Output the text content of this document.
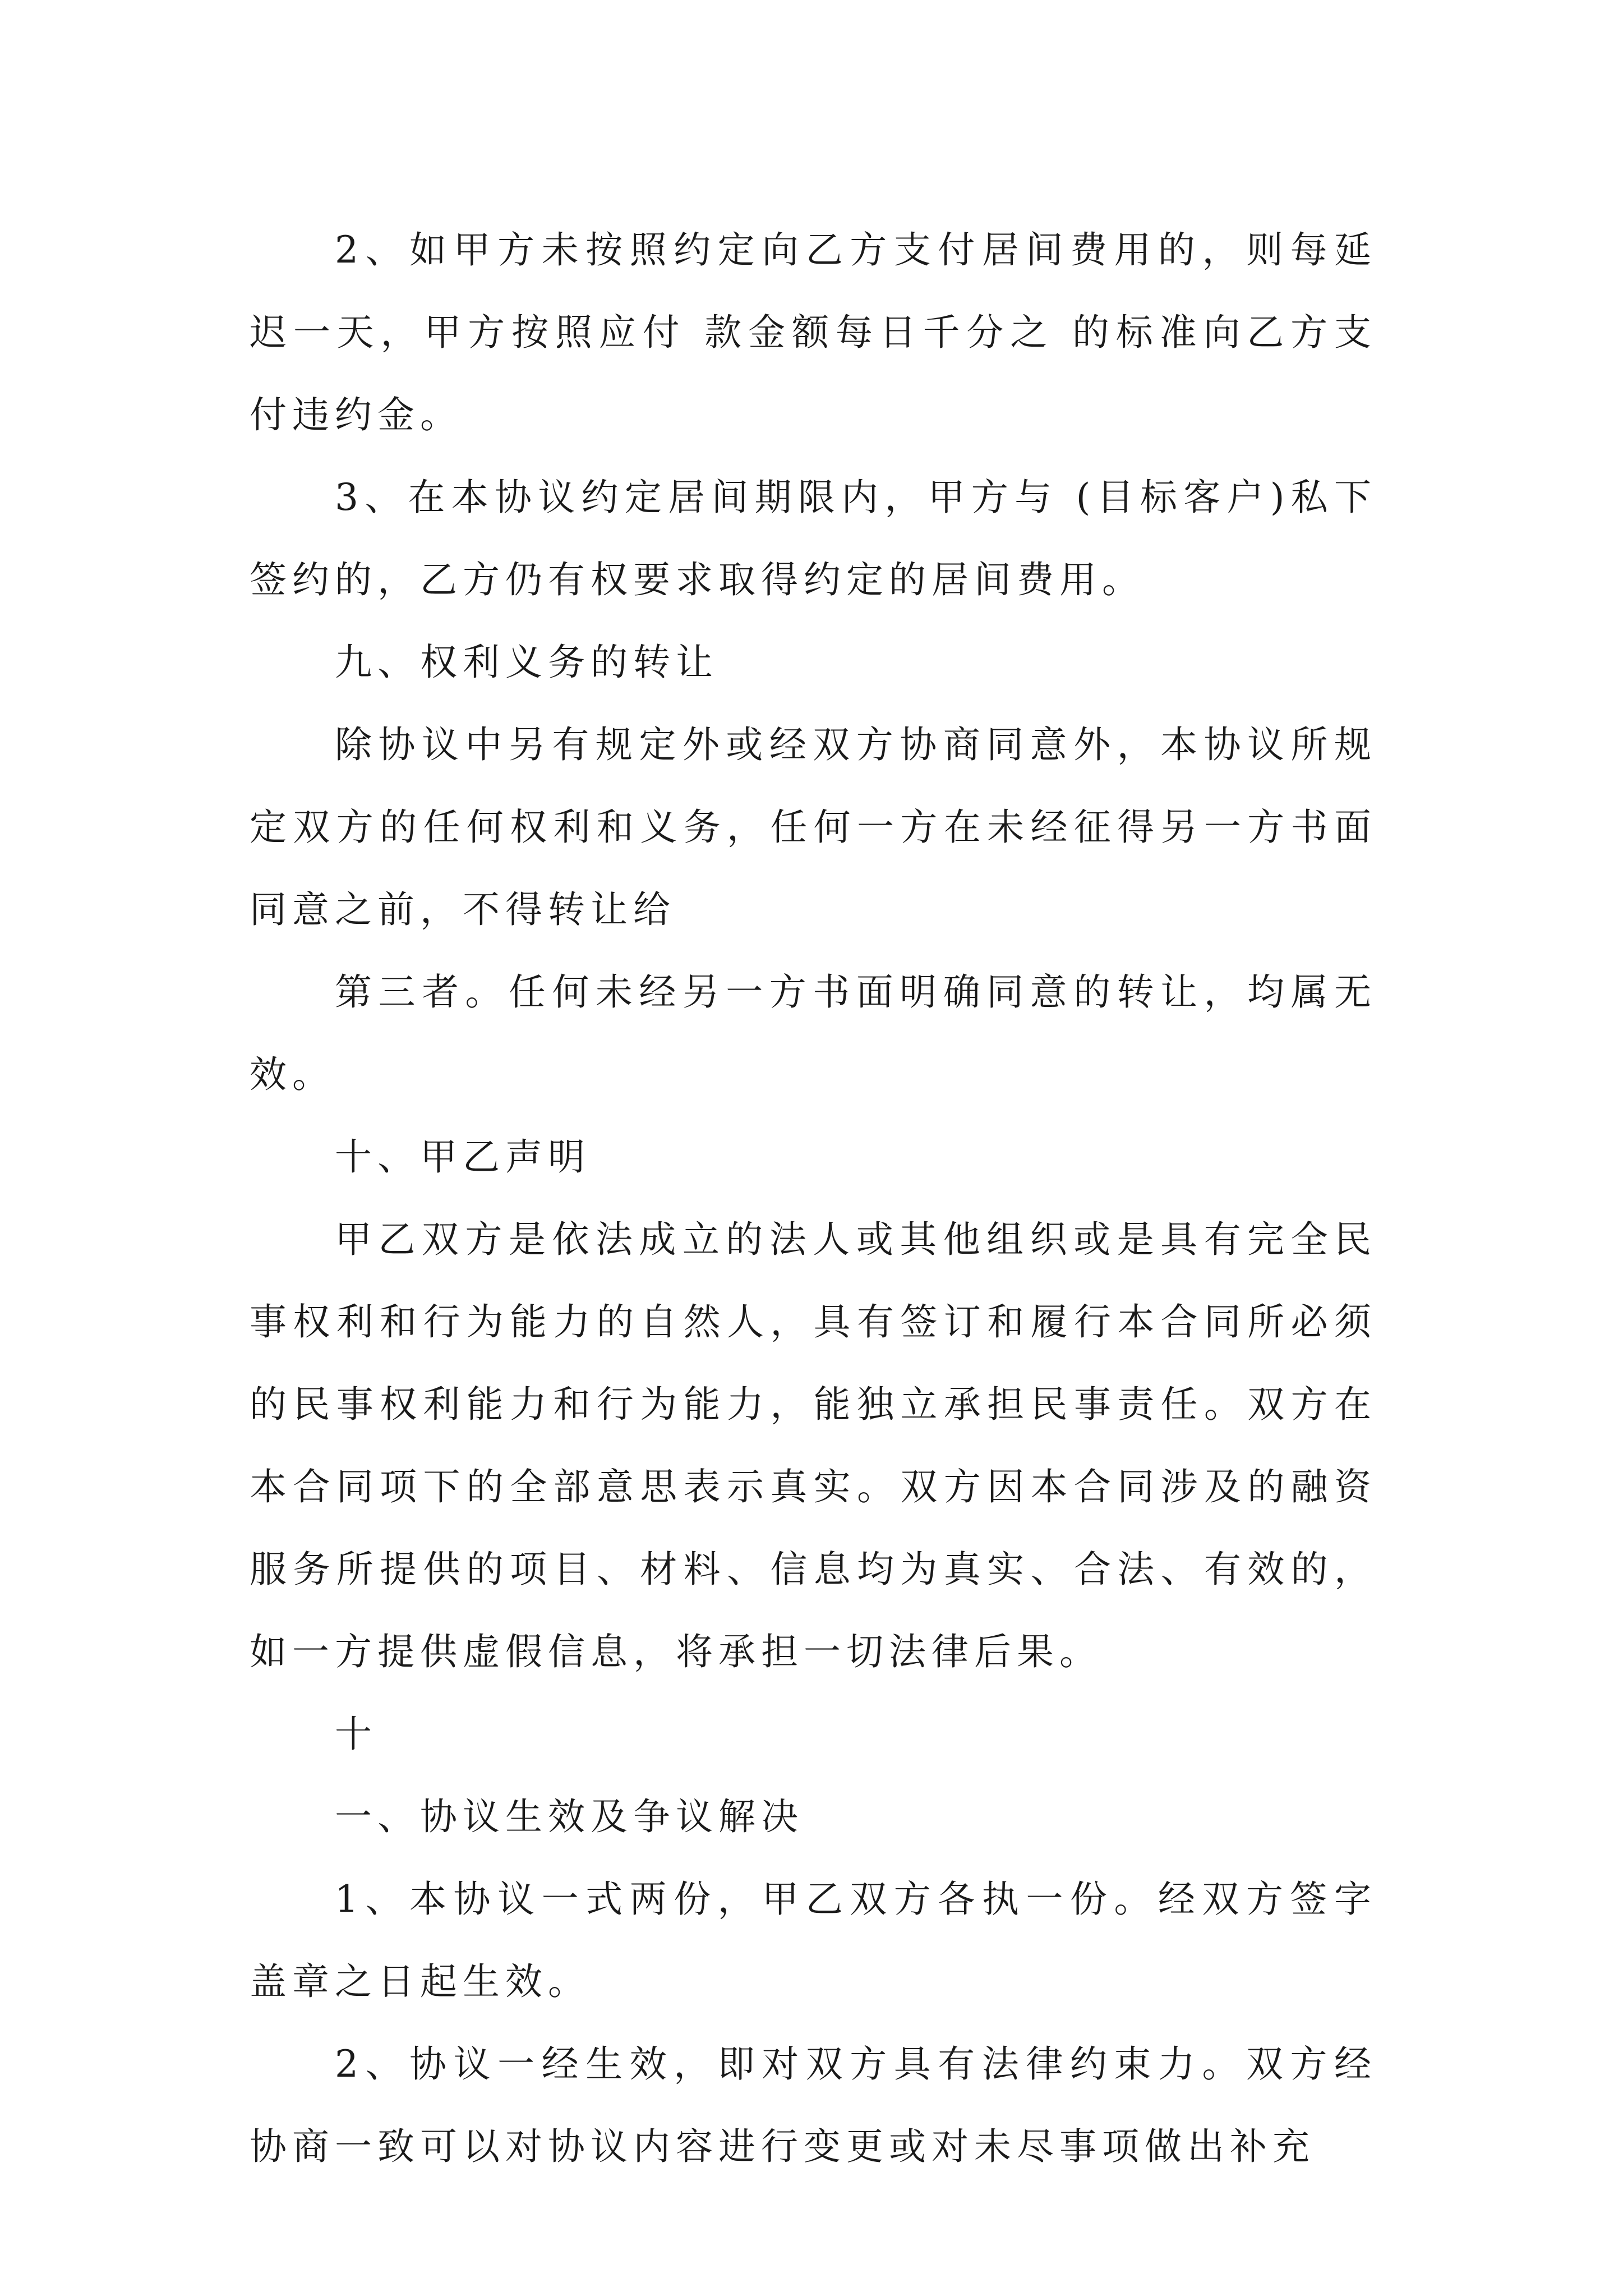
2、如甲方未按照约定向乙方支付居间费用的，则每延迟一天，甲方按照应付 款金额每日千分之 的标准向乙方支付违约金。

3、在本协议约定居间期限内，甲方与 (目标客户)私下签约的，乙方仍有权要求取得约定的居间费用。

九、权利义务的转让

除协议中另有规定外或经双方协商同意外，本协议所规定双方的任何权利和义务，任何一方在未经征得另一方书面同意之前，不得转让给

第三者。任何未经另一方书面明确同意的转让，均属无效。

十、甲乙声明

甲乙双方是依法成立的法人或其他组织或是具有完全民事权利和行为能力的自然人，具有签订和履行本合同所必须的民事权利能力和行为能力，能独立承担民事责任。双方在本合同项下的全部意思表示真实。双方因本合同涉及的融资服务所提供的项目、材料、信息均为真实、合法、有效的，如一方提供虚假信息，将承担一切法律后果。

十

一、协议生效及争议解决

1、本协议一式两份，甲乙双方各执一份。经双方签字盖章之日起生效。

2、协议一经生效，即对双方具有法律约束力。双方经协商一致可以对协议内容进行变更或对未尽事项做出补充
